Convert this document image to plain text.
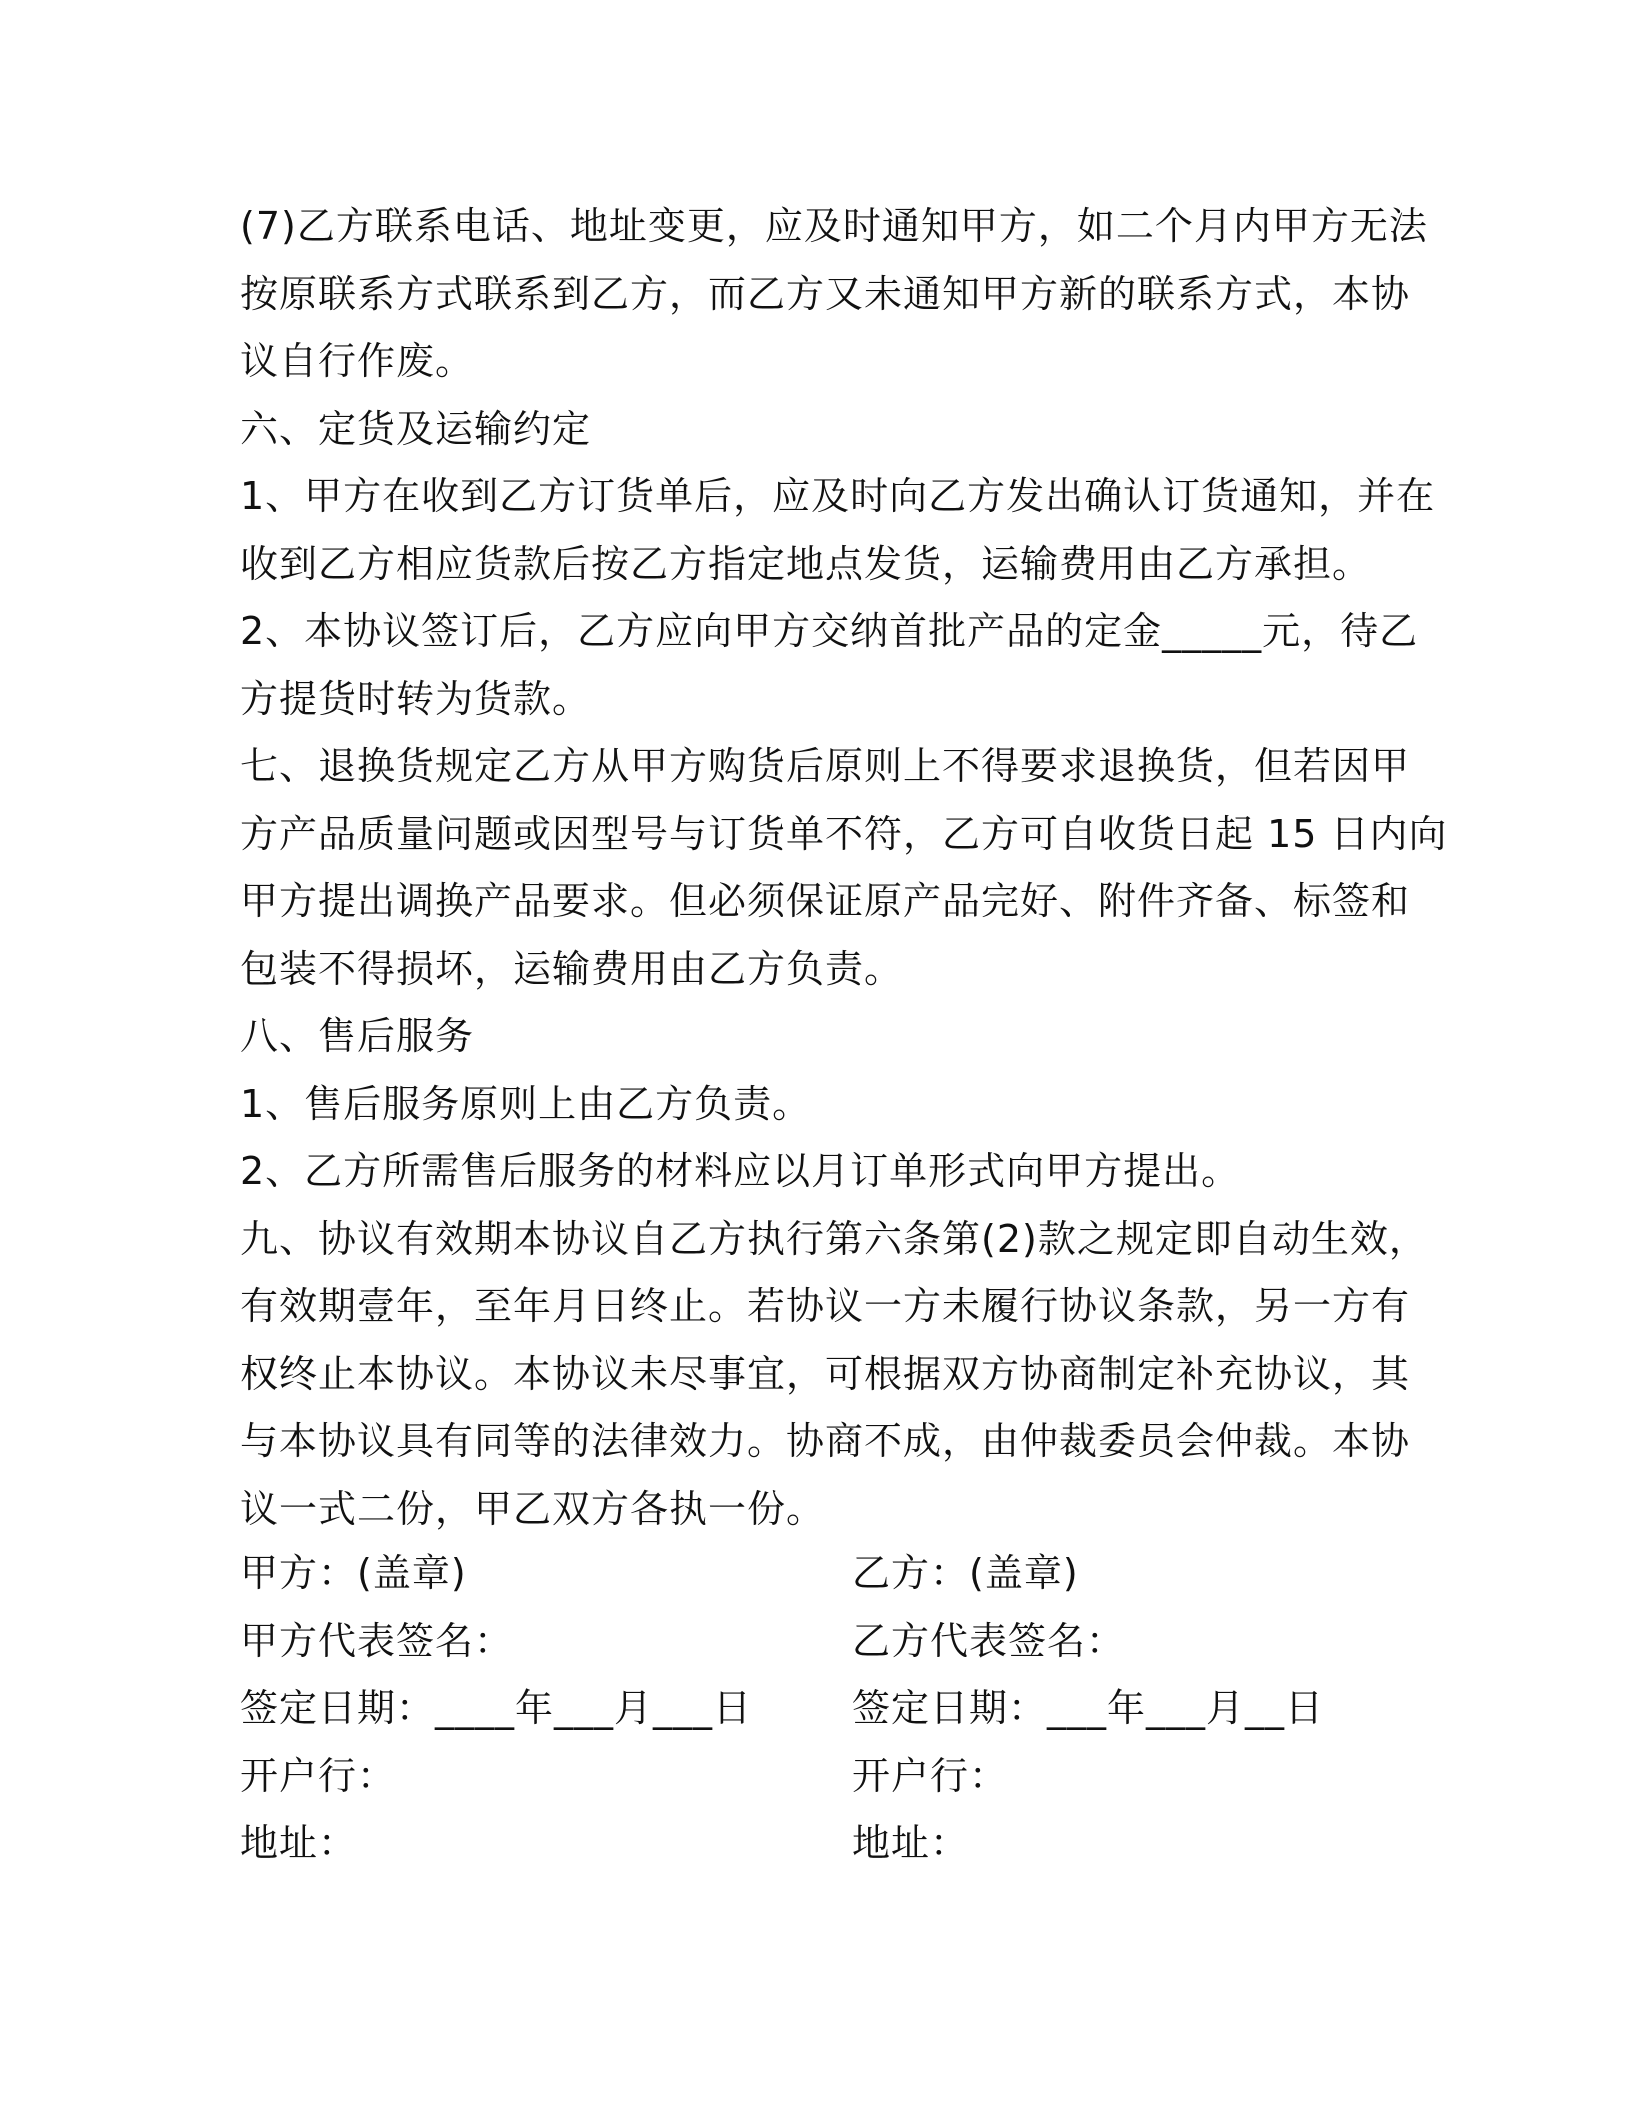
(7)乙方联系电话、地址变更，应及时通知甲方，如二个月内甲方无法

按原联系方式联系到乙方，而乙方又未通知甲方新的联系方式，本协

议自行作废。

六、定货及运输约定

1、甲方在收到乙方订货单后，应及时向乙方发出确认订货通知，并在

收到乙方相应货款后按乙方指定地点发货，运输费用由乙方承担。

2、本协议签订后，乙方应向甲方交纳首批产品的定金_____元，待乙

方提货时转为货款。

七、退换货规定乙方从甲方购货后原则上不得要求退换货，但若因甲

方产品质量问题或因型号与订货单不符，乙方可自收货日起 15 日内向

甲方提出调换产品要求。但必须保证原产品完好、附件齐备、标签和

包装不得损坏，运输费用由乙方负责。

八、售后服务

1、售后服务原则上由乙方负责。

2、乙方所需售后服务的材料应以月订单形式向甲方提出。

九、协议有效期本协议自乙方执行第六条第(2)款之规定即自动生效，

有效期壹年，至年月日终止。若协议一方未履行协议条款，另一方有

权终止本协议。本协议未尽事宜，可根据双方协商制定补充协议，其

与本协议具有同等的法律效力。协商不成，由仲裁委员会仲裁。本协

议一式二份，甲乙双方各执一份。

甲方：(盖章)	乙方：(盖章)
甲方代表签名：	乙方代表签名：
签定日期：____年___月___日	签定日期：___年___月__日
开户行：	开户行：
地址：	地址：
